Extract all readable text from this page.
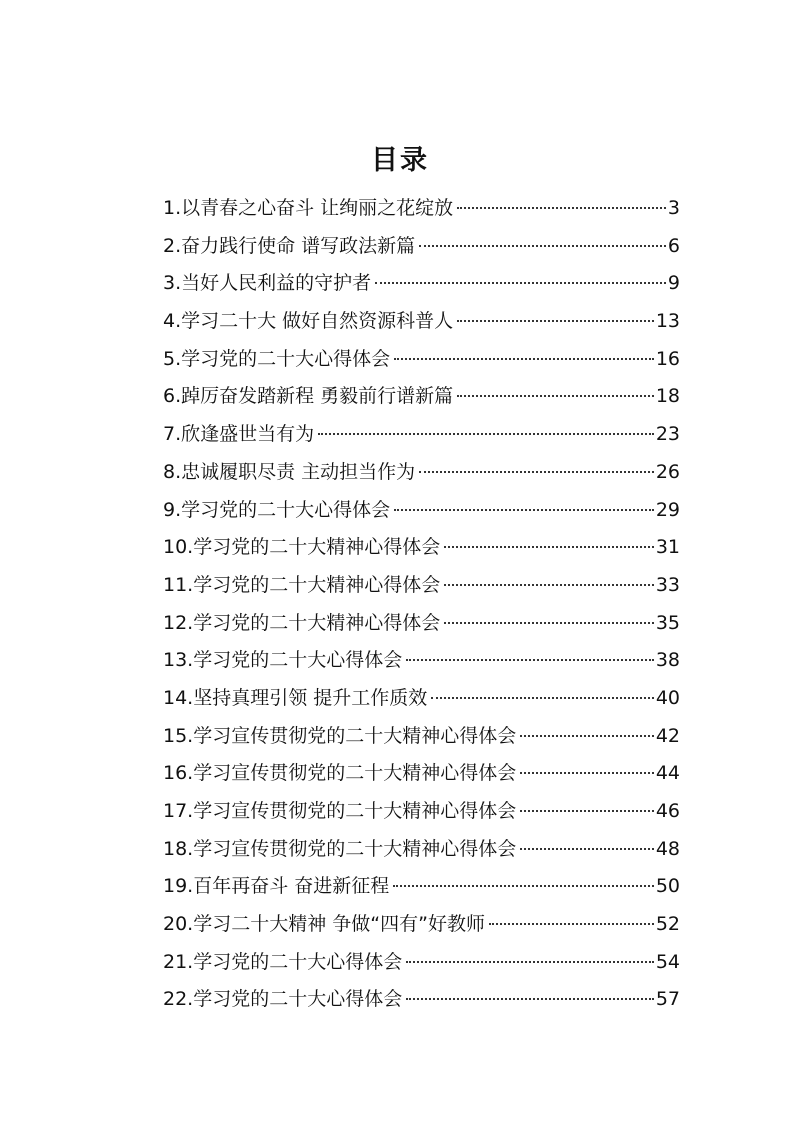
目录
1.以青春之心奋斗 让绚丽之花绽放	3
2.奋力践行使命 谱写政法新篇	6
3.当好人民利益的守护者	9
4.学习二十大 做好自然资源科普人	13
5.学习党的二十大心得体会	16
6.踔厉奋发踏新程 勇毅前行谱新篇	18
7.欣逢盛世当有为	23
8.忠诚履职尽责 主动担当作为	26
9.学习党的二十大心得体会	29
10.学习党的二十大精神心得体会	31
11.学习党的二十大精神心得体会	33
12.学习党的二十大精神心得体会	35
13.学习党的二十大心得体会	38
14.坚持真理引领 提升工作质效	40
15.学习宣传贯彻党的二十大精神心得体会	42
16.学习宣传贯彻党的二十大精神心得体会	44
17.学习宣传贯彻党的二十大精神心得体会	46
18.学习宣传贯彻党的二十大精神心得体会	48
19.百年再奋斗 奋进新征程	50
20.学习二十大精神 争做“四有”好教师	52
21.学习党的二十大心得体会	54
22.学习党的二十大心得体会	57
